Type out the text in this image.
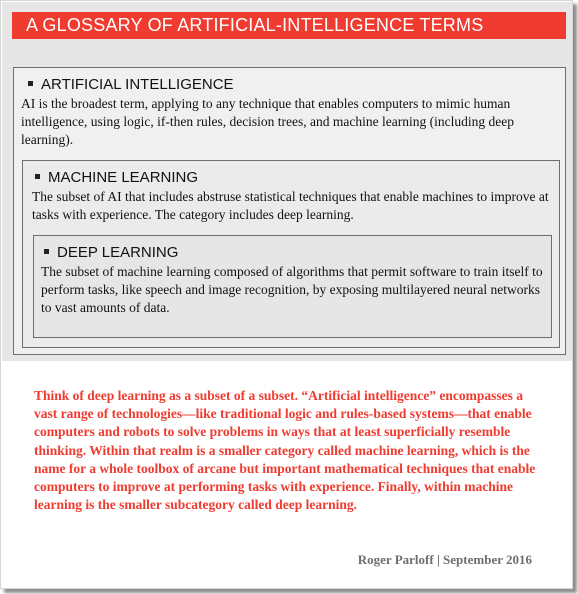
A GLOSSARY OF ARTIFICIAL-INTELLIGENCE TERMS
ARTIFICIAL INTELLIGENCE
AI is the broadest term, applying to any technique that enables computers to mimic human intelligence, using logic, if-then rules, decision trees, and machine learning (including deep learning).
MACHINE LEARNING
The subset of AI that includes abstruse statistical techniques that enable machines to improve at tasks with experience. The category includes deep learning.
DEEP LEARNING
The subset of machine learning composed of algorithms that permit software to train itself to perform tasks, like speech and image recognition, by exposing multilayered neural networks to vast amounts of data.
Think of deep learning as a subset of a subset. “Artificial intelligence” encompasses a vast range of technologies—like traditional logic and rules-based systems—that enable computers and robots to solve problems in ways that at least superficially resemble thinking. Within that realm is a smaller category called machine learning, which is the name for a whole toolbox of arcane but important mathematical techniques that enable computers to improve at performing tasks with experience. Finally, within machine learning is the smaller subcategory called deep learning.
Roger Parloff | September 2016
